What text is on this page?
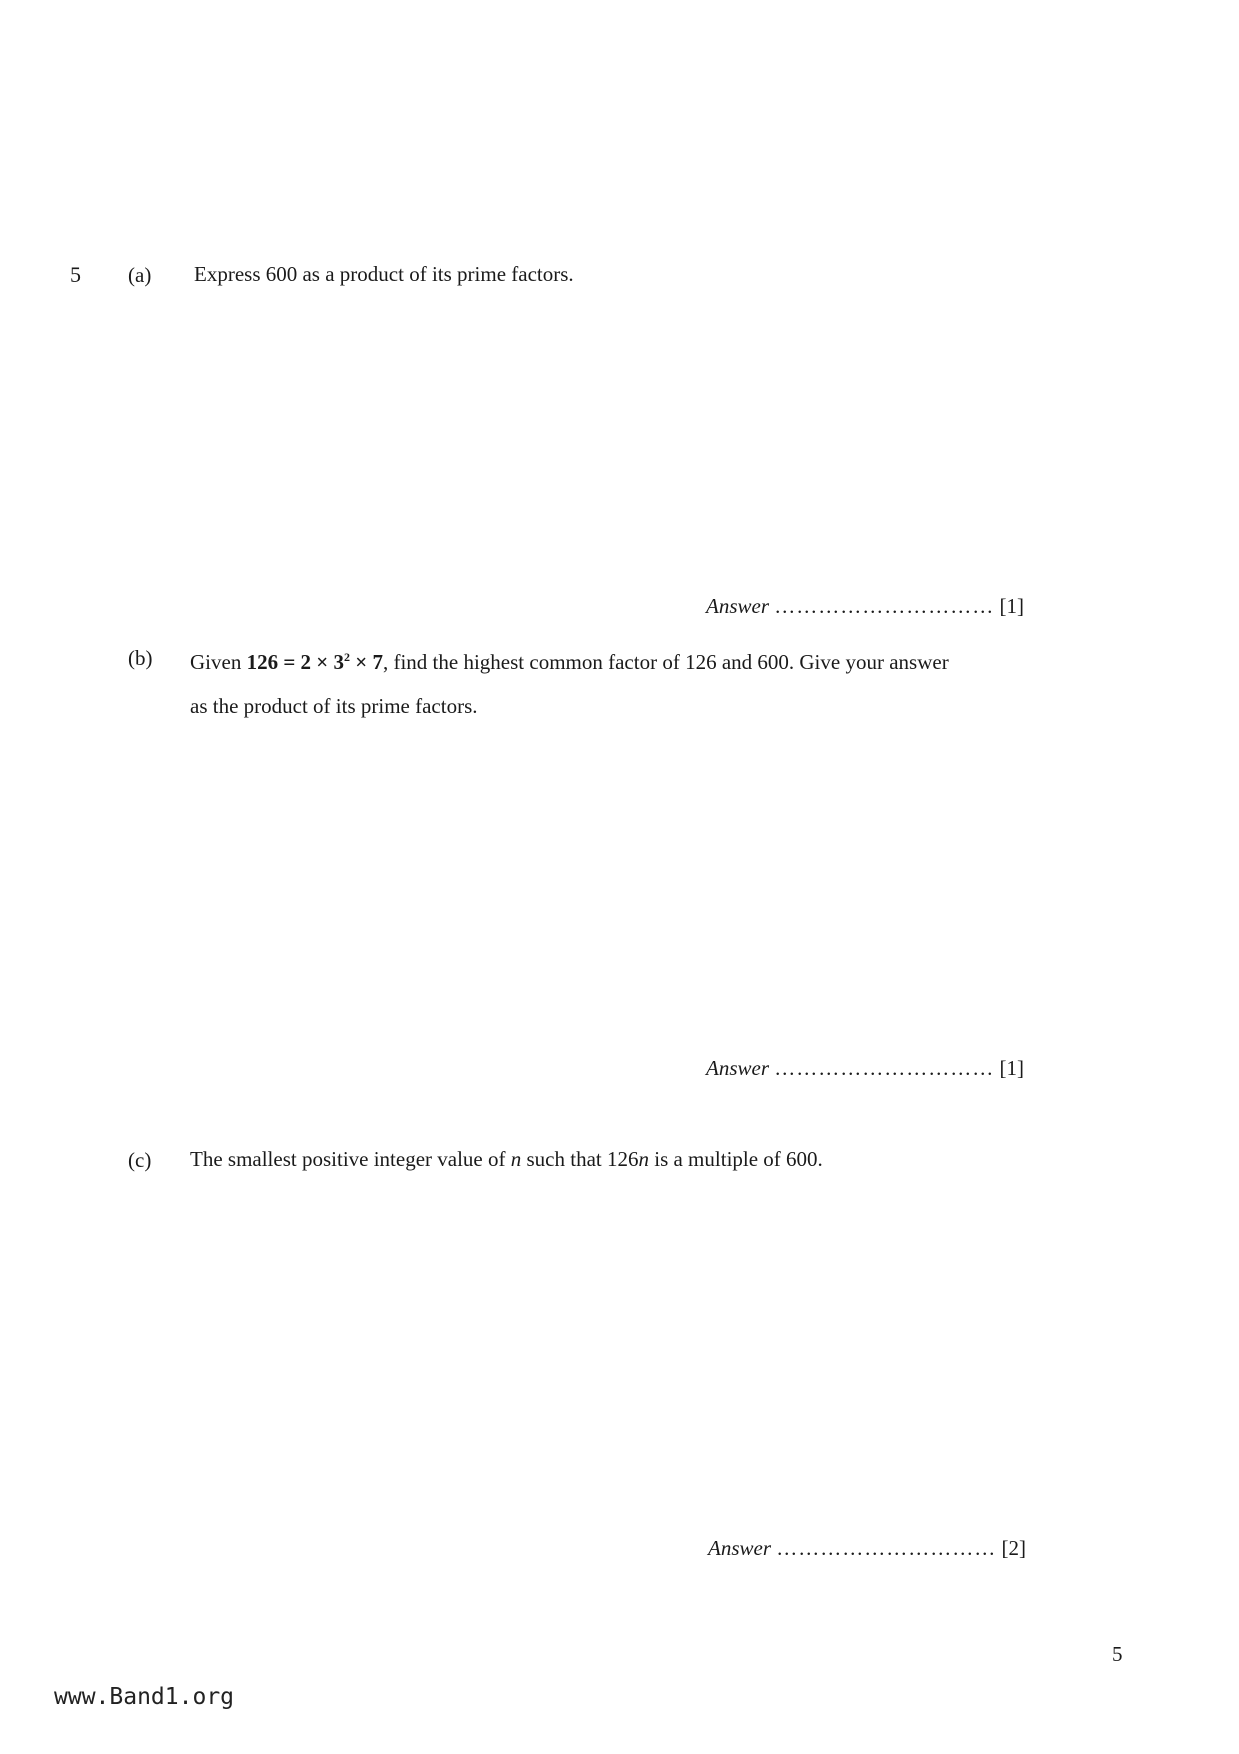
5 (a) Express 600 as a product of its prime factors.
Answer ………………………… [1]
(b) Given $126 = 2 \times 3^2 \times 7$, find the highest common factor of 126 and 600. Give your answer
as the product of its prime factors.
Answer ………………………… [1]
(c) The smallest positive integer value of n such that 126n is a multiple of 600.
Answer ………………………… [2]
5
www.Band1.org
